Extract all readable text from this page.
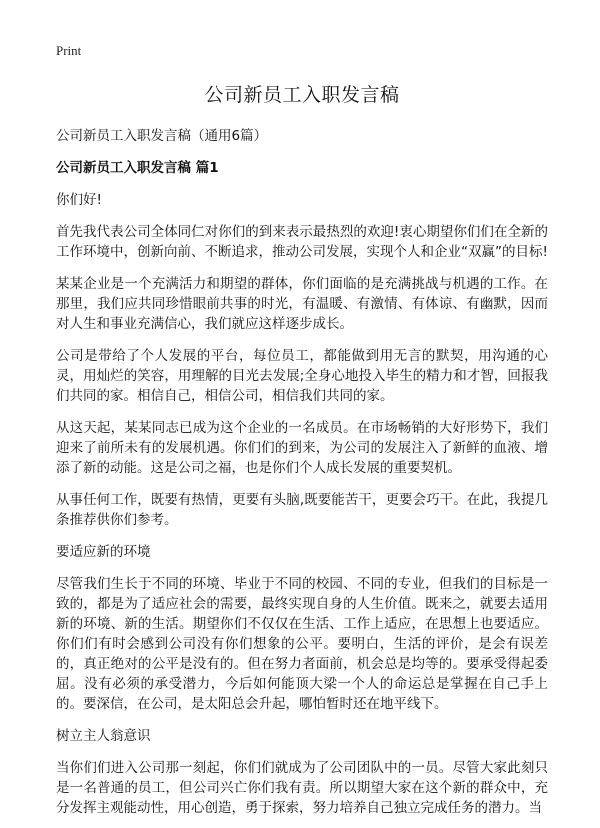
Print
公司新员工入职发言稿
公司新员工入职发言稿（通用6篇）
公司新员工入职发言稿 篇1
你们好!
首先我代表公司全体同仁对你们的到来表示最热烈的欢迎!衷心期望你们们在全新的工作环境中，创新向前、不断追求，推动公司发展，实现个人和企业“双赢”的目标!
某某企业是一个充满活力和期望的群体，你们面临的是充满挑战与机遇的工作。在那里，我们应共同珍惜眼前共事的时光，有温暖、有激情、有体谅、有幽默，因而对人生和事业充满信心，我们就应这样逐步成长。
公司是带给了个人发展的平台，每位员工，都能做到用无言的默契，用沟通的心灵，用灿烂的笑容，用理解的目光去发展;全身心地投入毕生的精力和才智，回报我们共同的家。相信自己，相信公司，相信我们共同的家。
从这天起，某某同志已成为这个企业的一名成员。在市场畅销的大好形势下，我们迎来了前所未有的发展机遇。你们们的到来，为公司的发展注入了新鲜的血液、增添了新的动能。这是公司之福，也是你们个人成长发展的重要契机。
从事任何工作，既要有热情，更要有头脑,既要能苦干，更要会巧干。在此，我提几条推荐供你们参考。
要适应新的环境
尽管我们生长于不同的环境、毕业于不同的校园、不同的专业，但我们的目标是一致的，都是为了适应社会的需要，最终实现自身的人生价值。既来之，就要去适用新的环境、新的生活。期望你们不仅仅在生活、工作上适应，在思想上也要适应。你们们有时会感到公司没有你们想象的公平。要明白，生活的评价，是会有误差的，真正绝对的公平是没有的。但在努力者面前，机会总是均等的。要承受得起委屈。没有必须的承受潜力，今后如何能顶大梁一个人的命运总是掌握在自己手上的。要深信，在公司，是太阳总会升起，哪怕暂时还在地平线下。
树立主人翁意识
当你们们进入公司那一刻起，你们们就成为了公司团队中的一员。尽管大家此刻只是一名普通的员工，但公司兴亡你们我有责。所以期望大家在这个新的群众中，充分发挥主观能动性，用心创造，勇于探索，努力培养自己独立完成任务的潜力。当
